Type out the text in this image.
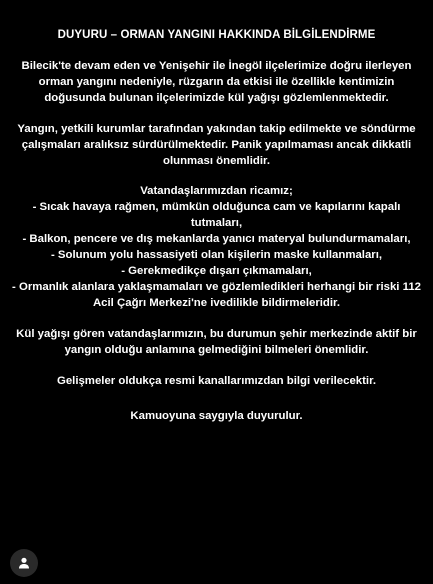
DUYURU – ORMAN YANGINI HAKKINDA BİLGİLENDİRME

Bilecik'te devam eden ve Yenişehir ile İnegöl ilçelerimize doğru ilerleyen orman yangını nedeniyle, rüzgarın da etkisi ile özellikle kentimizin doğusunda bulunan ilçelerimizde kül yağışı gözlemlenmektedir.

Yangın, yetkili kurumlar tarafından yakından takip edilmekte ve söndürme çalışmaları aralıksız sürdürülmektedir. Panik yapılmaması ancak dikkatli olunması önemlidir.

Vatandaşlarımızdan ricamız;

- Sıcak havaya rağmen, mümkün olduğunca cam ve kapılarını kapalı tutmaları,
- Balkon, pencere ve dış mekanlarda yanıcı materyal bulundurmamaları,
- Solunum yolu hassasiyeti olan kişilerin maske kullanmaları,
- Gerekmedikçe dışarı çıkmamaları,
- Ormanlık alanlara yaklaşmamaları ve gözlemledikleri herhangi bir riski 112 Acil Çağrı Merkezi'ne ivedilikle bildirmeleridir.

Kül yağışı gören vatandaşlarımızın, bu durumun şehir merkezinde aktif bir yangın olduğu anlamına gelmediğini bilmeleri önemlidir.

Gelişmeler oldukça resmi kanallarımızdan bilgi verilecektir.

Kamuoyuna saygıyla duyurulur.
